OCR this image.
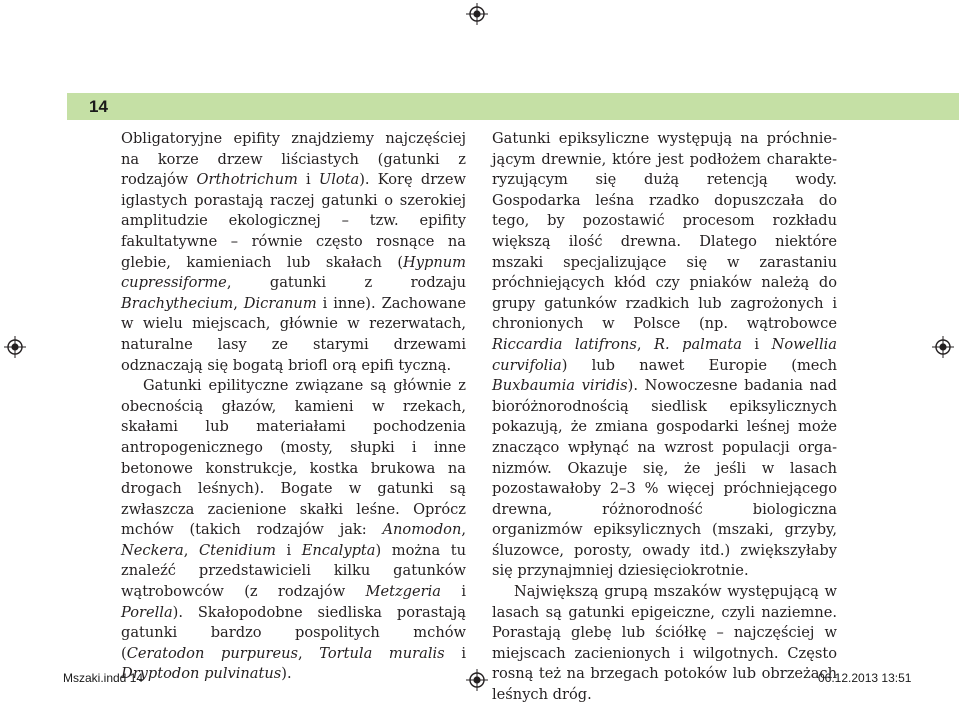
14

Obligatoryjne epifity znajdziemy najczęściej na korze drzew liściastych (gatunki z rodzajów Orthotrichum i Ulota). Korę drzew iglastych porastają raczej gatunki o szerokiej amplitudzie ekologicznej – tzw. epifity fakultatywne – równie często rosnące na glebie, kamieniach lub skałach (Hypnum cupressiforme, gatunki z rodzaju Brachythecium, Dicranum i inne). Zachowane w wielu miejscach, głównie w rezerwatach, naturalne lasy ze starymi drzewami odznaczają się bogatą briofl orą epifi tyczną.

Gatunki epilityczne związane są głównie z obecnością głazów, kamieni w rzekach, skałami lub materiałami pochodzenia antropogenicznego (mosty, słupki i inne betonowe konstrukcje, kostka brukowa na drogach leśnych). Bogate w gatunki są zwłaszcza zacienione skałki leśne. Oprócz mchów (takich rodzajów jak: Anomodon, Neckera, Ctenidium i Encalypta) można tu znaleźć przedstawicieli kilku gatunków wątrobowców (z rodzajów Metzgeria i Porella). Skałopodobne siedliska porastają gatunki bardzo pospolitych mchów (Ceratodon purpureus, Tortula muralis i Dryptodon pulvinatus).

Gatunki epiksyliczne występują na próchniejącym drewnie, które jest podłożem charakteryzującym się dużą retencją wody. Gospodarka leśna rzadko dopuszczała do tego, by pozostawić procesom rozkładu większą ilość drewna. Dlatego niektóre mszaki specjalizujące się w zarastaniu próchniejących kłód czy pniaków należą do grupy gatunków rzadkich lub zagrożonych i chronionych w Polsce (np. wątrobowce Riccardia latifrons, R. palmata i Nowellia curvifolia) lub nawet Europie (mech Buxbaumia viridis). Nowoczesne badania nad bioróżnorodnością siedlisk epiksylicznych pokazują, że zmiana gospodarki leśnej może znacząco wpłynąć na wzrost populacji organizmów. Okazuje się, że jeśli w lasach pozostawałoby 2–3 % więcej próchniejącego drewna, różnorodność biologiczna organizmów epiksylicznych (mszaki, grzyby, śluzowce, porosty, owady itd.) zwiększyłaby się przynajmniej dziesięciokrotnie.

Największą grupą mszaków występującą w lasach są gatunki epigeiczne, czyli naziemne. Porastają glebę lub ściółkę – najczęściej w miejscach zacienionych i wilgotnych. Często rosną też na brzegach potoków lub obrzeżach leśnych dróg.

Mszaki.indd 14	06.12.2013 13:51
